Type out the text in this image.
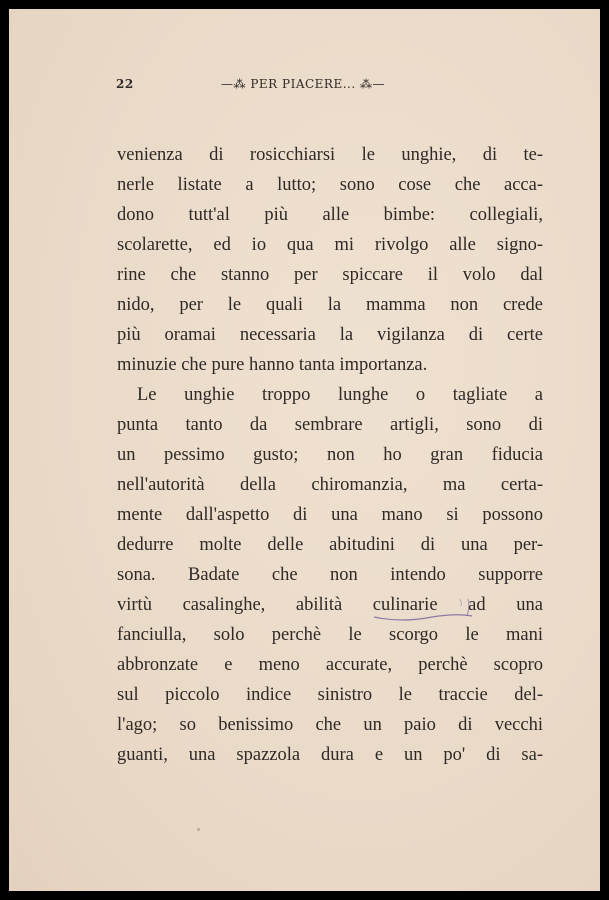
22	—⁂ PER PIACERE... ⁂—
venienza di rosicchiarsi le unghie, di te-
nerle listate a lutto; sono cose che acca-
dono tutt'al più alle bimbe: collegiali,
scolarette, ed io qua mi rivolgo alle signo-
rine che stanno per spiccare il volo dal
nido, per le quali la mamma non crede
più oramai necessaria la vigilanza di certe
minuzie che pure hanno tanta importanza.
Le unghie troppo lunghe o tagliate a
punta tanto da sembrare artigli, sono di
un pessimo gusto; non ho gran fiducia
nell'autorità della chiromanzia, ma certa-
mente dall'aspetto di una mano si possono
dedurre molte delle abitudini di una per-
sona. Badate che non intendo supporre
virtù casalinghe, abilità culinarie ad una
fanciulla, solo perchè le scorgo le mani
abbronzate e meno accurate, perchè scopro
sul piccolo indice sinistro le traccie del-
l'ago; so benissimo che un paio di vecchi
guanti, una spazzola dura e un po' di sa-
